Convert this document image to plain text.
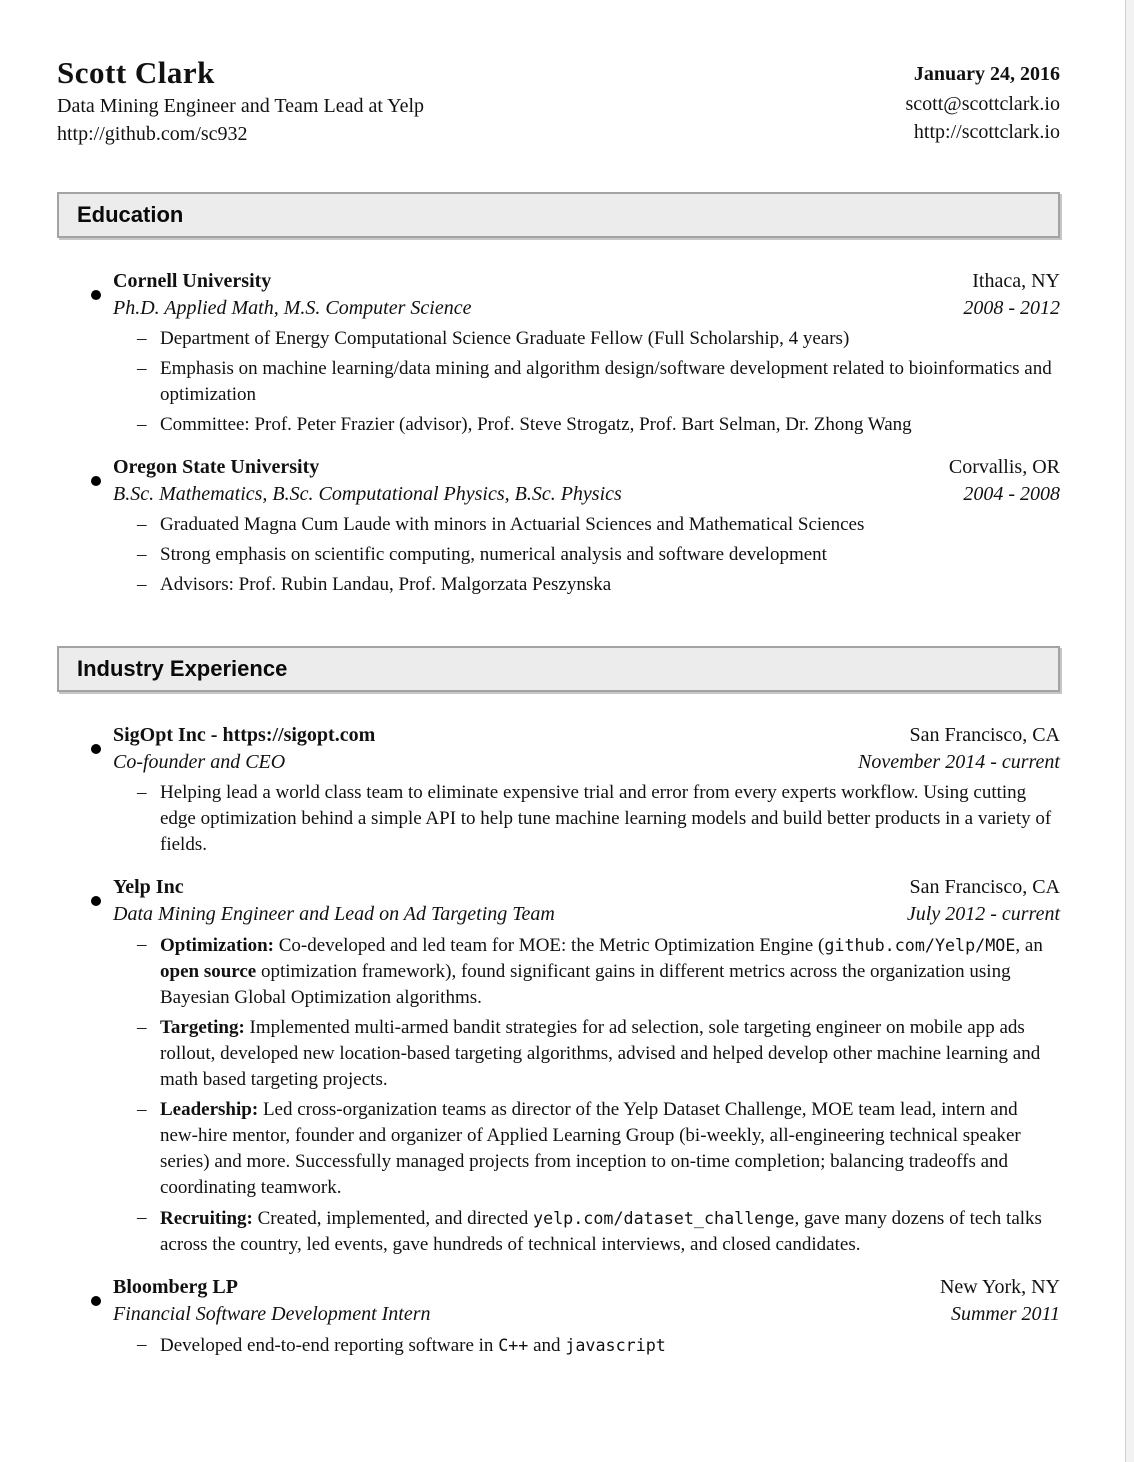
Scott Clark
Data Mining Engineer and Team Lead at Yelp
http://github.com/sc932
January 24, 2016
scott@scottclark.io
http://scottclark.io
Education
Cornell University	Ithaca, NY
Ph.D. Applied Math, M.S. Computer Science	2008 - 2012
– Department of Energy Computational Science Graduate Fellow (Full Scholarship, 4 years)
– Emphasis on machine learning/data mining and algorithm design/software development related to bioinformatics and optimization
– Committee: Prof. Peter Frazier (advisor), Prof. Steve Strogatz, Prof. Bart Selman, Dr. Zhong Wang
Oregon State University	Corvallis, OR
B.Sc. Mathematics, B.Sc. Computational Physics, B.Sc. Physics	2004 - 2008
– Graduated Magna Cum Laude with minors in Actuarial Sciences and Mathematical Sciences
– Strong emphasis on scientific computing, numerical analysis and software development
– Advisors: Prof. Rubin Landau, Prof. Malgorzata Peszynska
Industry Experience
SigOpt Inc - https://sigopt.com	San Francisco, CA
Co-founder and CEO	November 2014 - current
– Helping lead a world class team to eliminate expensive trial and error from every experts workflow. Using cutting edge optimization behind a simple API to help tune machine learning models and build better products in a variety of fields.
Yelp Inc	San Francisco, CA
Data Mining Engineer and Lead on Ad Targeting Team	July 2012 - current
– Optimization: Co-developed and led team for MOE: the Metric Optimization Engine (github.com/Yelp/MOE, an open source optimization framework), found significant gains in different metrics across the organization using Bayesian Global Optimization algorithms.
– Targeting: Implemented multi-armed bandit strategies for ad selection, sole targeting engineer on mobile app ads rollout, developed new location-based targeting algorithms, advised and helped develop other machine learning and math based targeting projects.
– Leadership: Led cross-organization teams as director of the Yelp Dataset Challenge, MOE team lead, intern and new-hire mentor, founder and organizer of Applied Learning Group (bi-weekly, all-engineering technical speaker series) and more. Successfully managed projects from inception to on-time completion; balancing tradeoffs and coordinating teamwork.
– Recruiting: Created, implemented, and directed yelp.com/dataset_challenge, gave many dozens of tech talks across the country, led events, gave hundreds of technical interviews, and closed candidates.
Bloomberg LP	New York, NY
Financial Software Development Intern	Summer 2011
– Developed end-to-end reporting software in C++ and javascript
